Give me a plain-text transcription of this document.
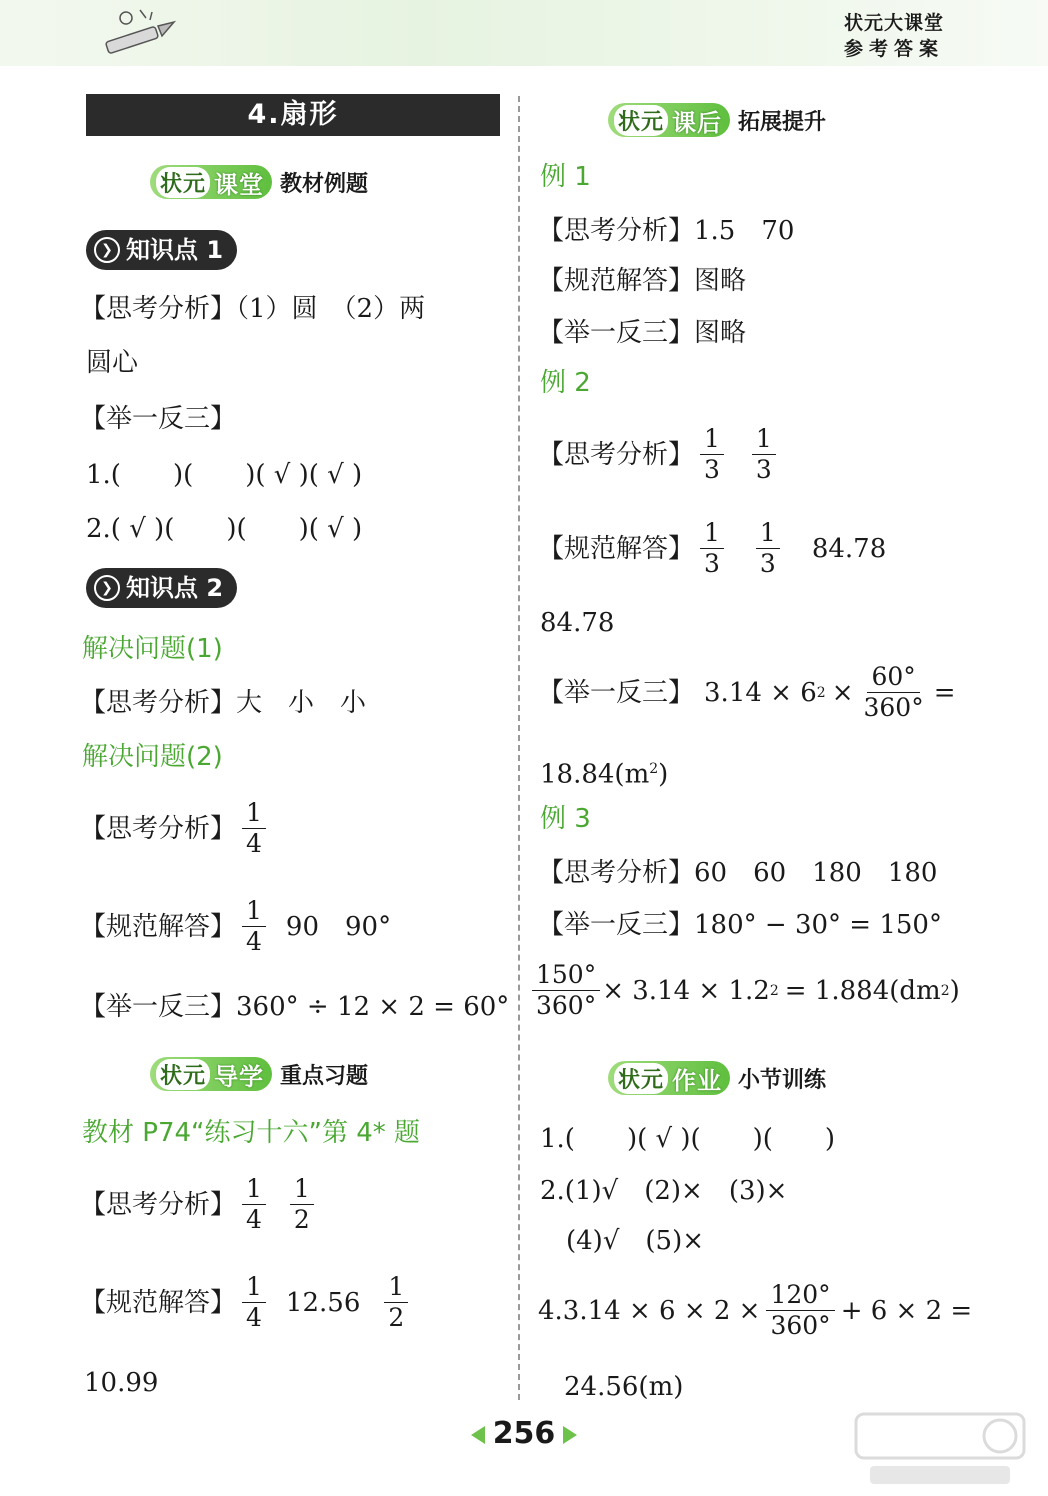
状元大课堂
参考答案
4.扇形
状元 课堂 教材例题
❯ 知识点 1
【思考分析】（1）圆　（2）两
圆心
【举一反三】
1.(　　)(　　)( √ )( √ )
2.( √ )(　　)(　　)( √ )
❯ 知识点 2
解决问题(1)
【思考分析】大　小　小
解决问题(2)
【思考分析】 $\frac{1}{4}$
【规范解答】 $\frac{1}{4} 90$　90°
【举一反三】360° ÷ 12 × 2 = 60°
状元 导学 重点习题
教材 P74“练习十六”第 4* 题
【思考分析】 $\frac{1}{4} \frac{1}{2}$
【规范解答】 $\frac{1}{4} 12.56 \frac{1}{2}$
10.99
状元 课后 拓展提升
例 1
【思考分析】1.5　70
【规范解答】图略
【举一反三】图略
例 2
【思考分析】 $\frac{1}{3} \frac{1}{3}$
【规范解答】 $\frac{1}{3} \frac{1}{3} 84.78$
84.78
【举一反三】 3.14 × 6 $2 \times \frac{60^\circ}{360^\circ}$ =
$18.84(m^2)$
例 3
【思考分析】60　60　180　180
【举一反三】180° − 30° = 150°
$\frac{150^\circ}{360^\circ} \times 3.14 \times 1.2$ 2 = 1.884(dm 2 )
状元 作业 小节训练
1.(　　)( √ )(　　)(　　)
2.(1)√　(2)×　(3)×
(4)√　(5)×
$4.3.14 \times 6 \times 2 \times \frac{120^\circ}{360^\circ} + 6 \times 2$ =
24.56(m)
256
